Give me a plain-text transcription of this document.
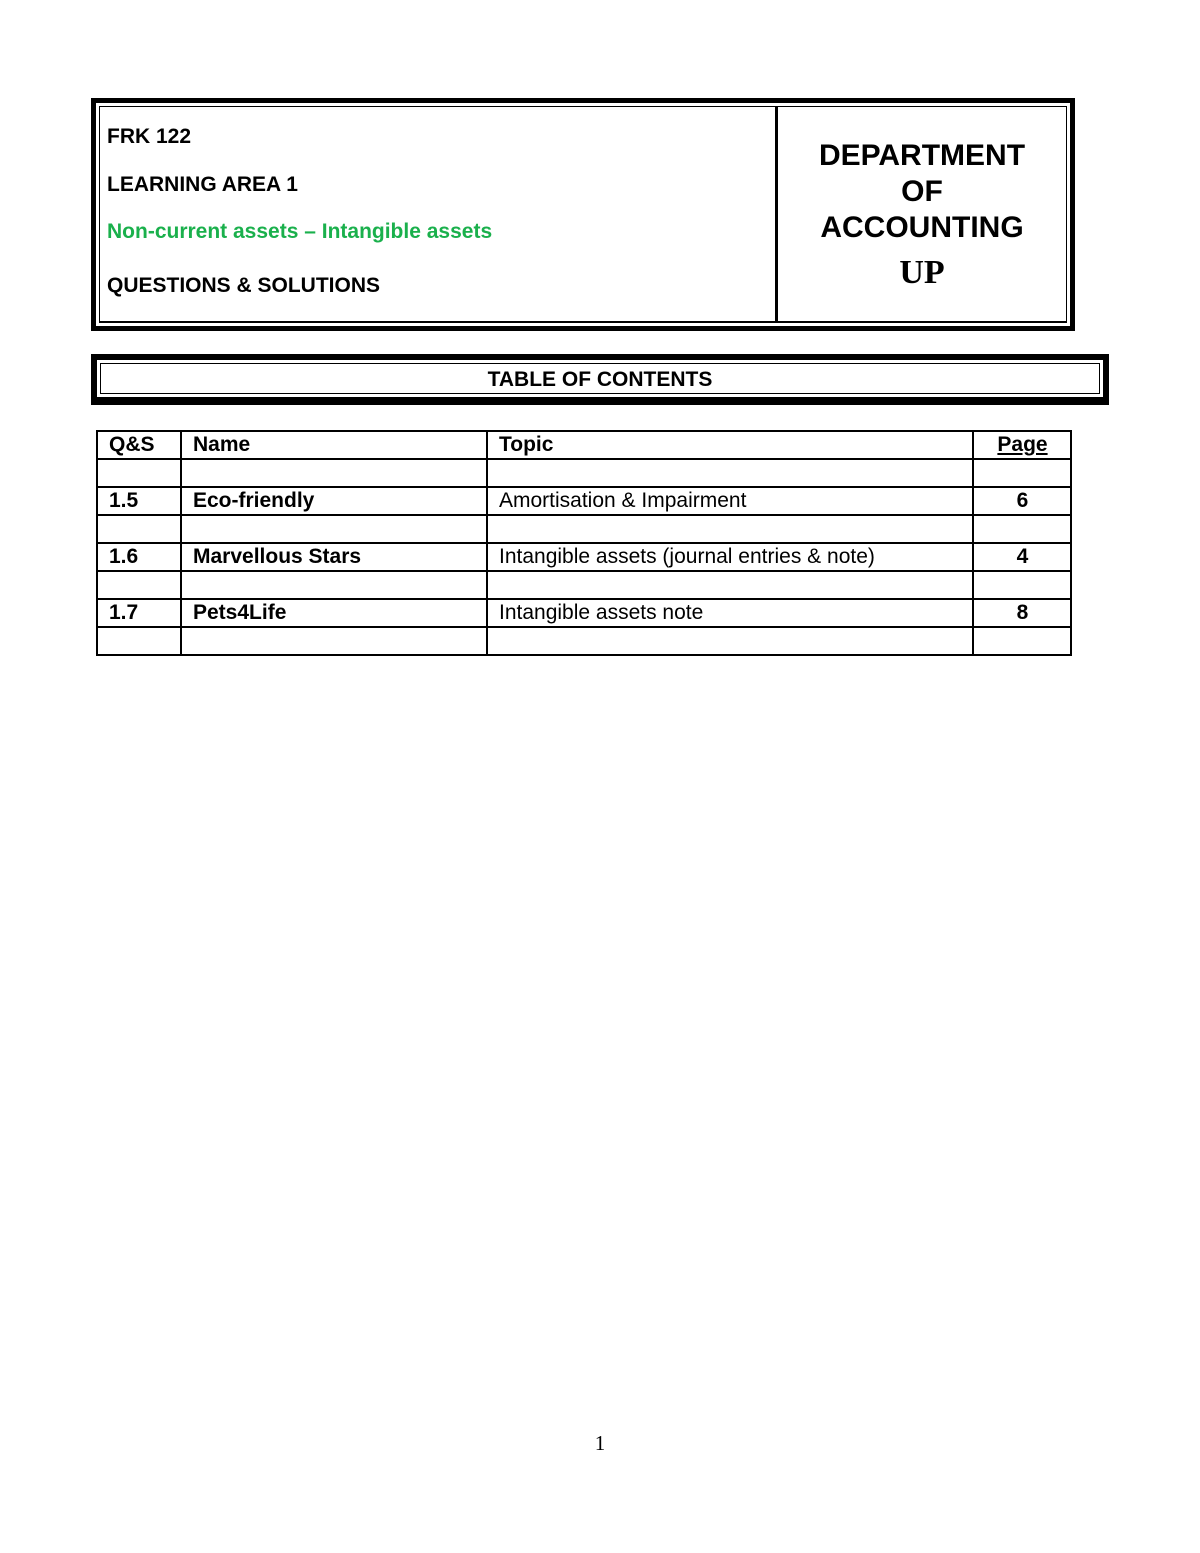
FRK 122
LEARNING AREA 1
Non-current assets – Intangible assets
QUESTIONS & SOLUTIONS
DEPARTMENT
OF
ACCOUNTING
UP
TABLE OF CONTENTS
Q&S	Name	Topic	Page

1.5	Eco-friendly	Amortisation & Impairment	6

1.6	Marvellous Stars	Intangible assets (journal entries & note)	4

1.7	Pets4Life	Intangible assets note	8

1
